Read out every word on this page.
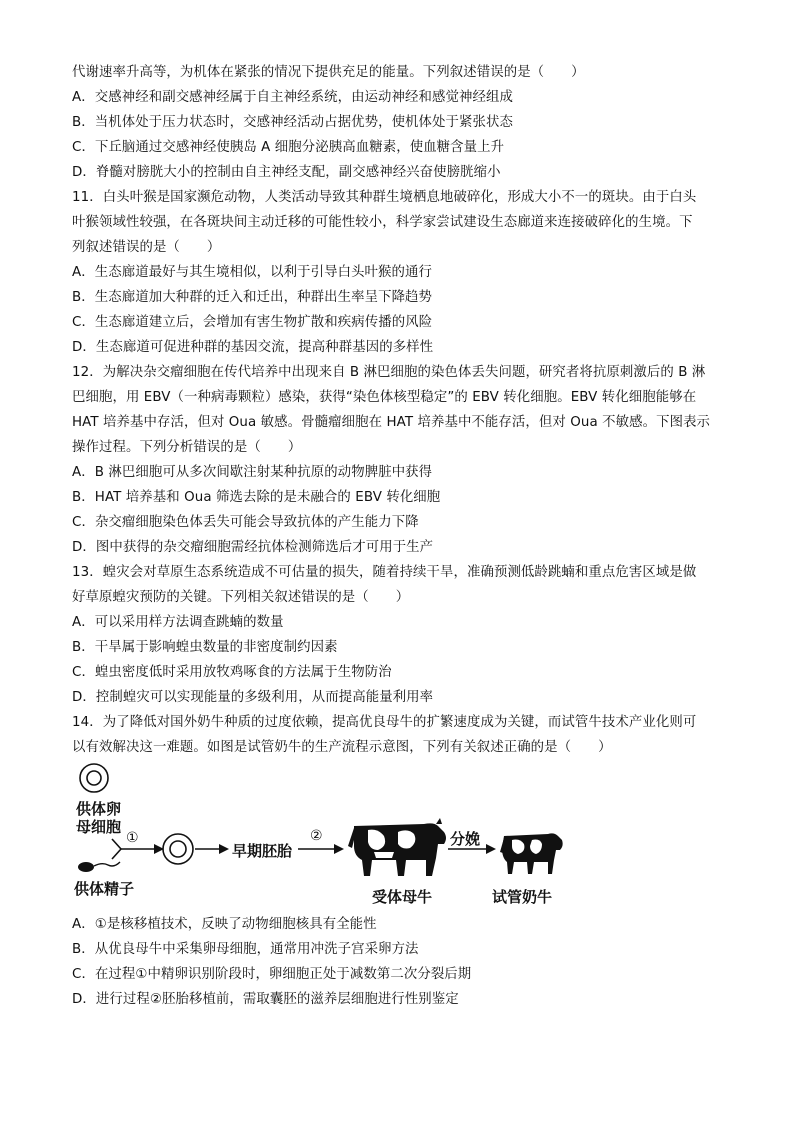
代谢速率升高等，为机体在紧张的情况下提供充足的能量。下列叙述错误的是（　　）
A．交感神经和副交感神经属于自主神经系统，由运动神经和感觉神经组成
B．当机体处于压力状态时，交感神经活动占据优势，使机体处于紧张状态
C．下丘脑通过交感神经使胰岛 A 细胞分泌胰高血糖素，使血糖含量上升
D．脊髓对膀胱大小的控制由自主神经支配，副交感神经兴奋使膀胱缩小
11．白头叶猴是国家濒危动物，人类活动导致其种群生境栖息地破碎化，形成大小不一的斑块。由于白头
叶猴领域性较强，在各斑块间主动迁移的可能性较小，科学家尝试建设生态廊道来连接破碎化的生境。下
列叙述错误的是（　　）
A．生态廊道最好与其生境相似，以利于引导白头叶猴的通行
B．生态廊道加大种群的迁入和迁出，种群出生率呈下降趋势
C．生态廊道建立后，会增加有害生物扩散和疾病传播的风险
D．生态廊道可促进种群的基因交流，提高种群基因的多样性
12．为解决杂交瘤细胞在传代培养中出现来自 B 淋巴细胞的染色体丢失问题，研究者将抗原刺激后的 B 淋
巴细胞，用 EBV（一种病毒颗粒）感染，获得“染色体核型稳定”的 EBV 转化细胞。EBV 转化细胞能够在
HAT 培养基中存活，但对 Oua 敏感。骨髓瘤细胞在 HAT 培养基中不能存活，但对 Oua 不敏感。下图表示
操作过程。下列分析错误的是（　　）
A．B 淋巴细胞可从多次间歇注射某种抗原的动物脾脏中获得
B．HAT 培养基和 Oua 筛选去除的是未融合的 EBV 转化细胞
C．杂交瘤细胞染色体丢失可能会导致抗体的产生能力下降
D．图中获得的杂交瘤细胞需经抗体检测筛选后才可用于生产
13．蝗灾会对草原生态系统造成不可估量的损失，随着持续干旱，准确预测低龄跳蝻和重点危害区域是做
好草原蝗灾预防的关键。下列相关叙述错误的是（　　）
A．可以采用样方法调查跳蝻的数量
B．干旱属于影响蝗虫数量的非密度制约因素
C．蝗虫密度低时采用放牧鸡啄食的方法属于生物防治
D．控制蝗灾可以实现能量的多级利用，从而提高能量利用率
14．为了降低对国外奶牛种质的过度依赖，提高优良母牛的扩繁速度成为关键，而试管牛技术产业化则可
以有效解决这一难题。如图是试管奶牛的生产流程示意图，下列有关叙述正确的是（　　）
供体卵
母细胞
①
早期胚胎
②
受体母牛
分娩
试管奶牛
供体精子
A．①是核移植技术，反映了动物细胞核具有全能性
B．从优良母牛中采集卵母细胞，通常用冲洗子宫采卵方法
C．在过程①中精卵识别阶段时，卵细胞正处于减数第二次分裂后期
D．进行过程②胚胎移植前，需取囊胚的滋养层细胞进行性别鉴定
